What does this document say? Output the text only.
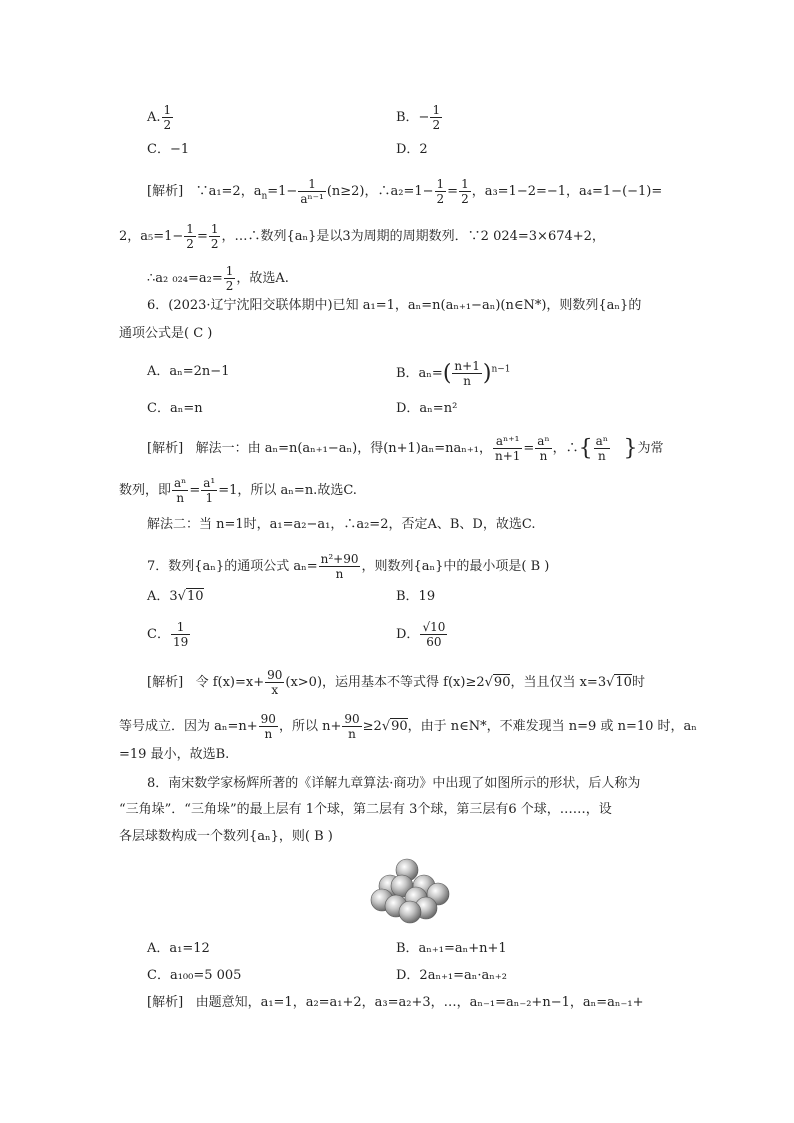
A. $\frac{1}{2}$	B．− $\frac{1}{2}$
C．−1	D．2
[解析] ∵a₁=2，$a_n=1- \frac{1}{\text{aⁿ⁻¹}} (n\ge 2)$，∴a₂=1− $\frac{1}{2} = \frac{1}{2}$ ，a₃=1−2=−1，a₄=1−(−1)=
2，$a_5=1- \frac{1}{2} = \frac{1}{2}$ ，…∴数列{aₙ}是以3为周期的周期数列．∵2 024=3×674+2，
∴a₂ $_{024}=a_2= \frac{1}{2}$ ，故选A.
6．(2023·辽宁沈阳交联体期中)已知 a₁=1，aₙ=n(aₙ₊₁−aₙ)(n∈N*)，则数列{aₙ}的
通项公式是( C )
A．aₙ=2n−1	B．$a_n=( \frac{n+1}{n} )^{n-1}$
C．aₙ=n	D．aₙ=n²
[解析] 解法一：由 aₙ=n(aₙ₊₁−aₙ)，得(n+1)aₙ=naₙ₊₁， $\frac{\text{aⁿ⁺¹}}{n+1} = \frac{\text{aⁿ}}{n}$ ，∴{ $\frac{\text{aⁿ}}{n}$ }为常
数列，即 $\frac{\text{aⁿ}}{n} = \frac{\text{a¹}}{1} =1$，所以 aₙ=n.故选C.
解法二：当 n=1时，a₁=a₂−a₁，∴a₂=2，否定A、B、D，故选C.
7．数列{aₙ}的通项公式 $a_n= \frac{\text{n²+90}}{n}$ ，则数列{aₙ}中的最小项是( B )
A．3√10	B．19
C． $\frac{1}{19}$	D． $\frac{√10}{60}$
[解析] 令 $f(x)=x+ \frac{90}{x} (x>0)$，运用基本不等式得 f(x)≥2√90，当且仅当 x=3√10时
等号成立．因为 $a_n=n+ \frac{90}{n}$ ，所以 $n+ \frac{90}{n} \ge 2√90$，由于 n∈N*，不难发现当 n=9 或 n=10 时，aₙ
=19 最小，故选B.
8．南宋数学家杨辉所著的《详解九章算法·商功》中出现了如图所示的形状，后人称为
“三角垛”．“三角垛”的最上层有 1个球，第二层有 3个球，第三层有6 个球，……，设
各层球数构成一个数列{aₙ}，则( B )
A．a₁=12	B．aₙ₊₁=aₙ+n+1
C．a₁₀₀=5 005	D．2aₙ₊₁=aₙ·aₙ₊₂
[解析] 由题意知，a₁=1，a₂=a₁+2，a₃=a₂+3，…，aₙ₋₁=aₙ₋₂+n−1，aₙ=aₙ₋₁+
